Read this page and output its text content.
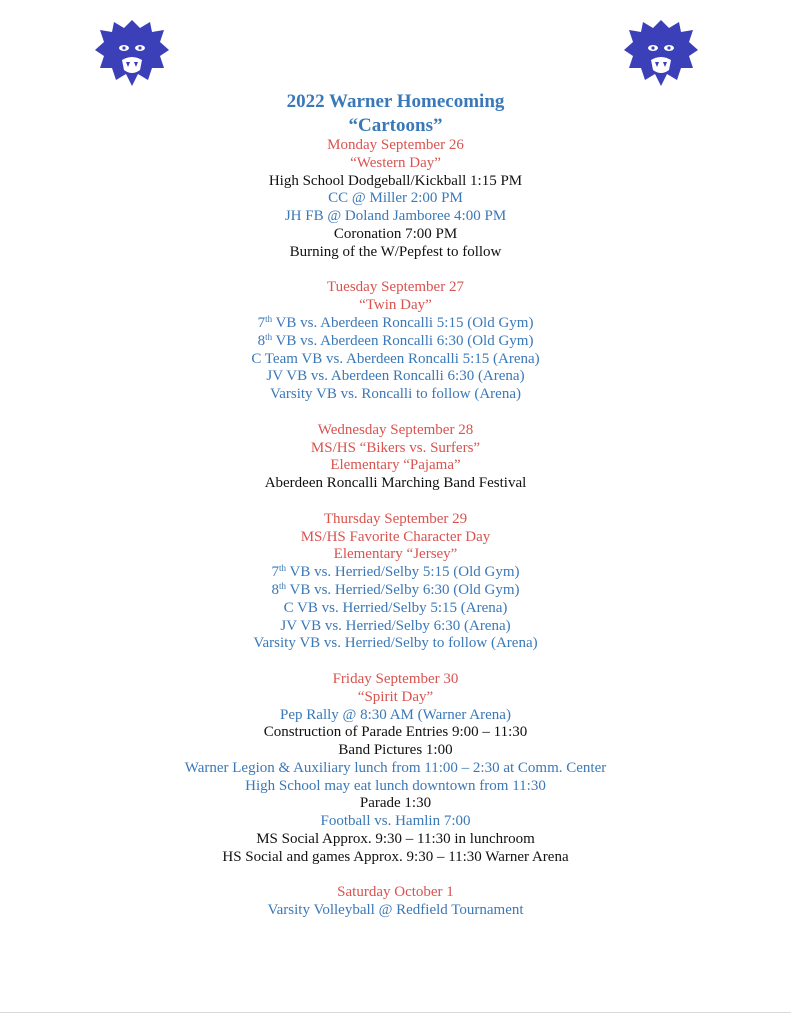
2022 Warner Homecoming
“Cartoons”
Monday September 26
“Western Day”
High School Dodgeball/Kickball 1:15 PM
CC @ Miller 2:00 PM
JH FB @ Doland Jamboree 4:00 PM
Coronation 7:00 PM
Burning of the W/Pepfest to follow
Tuesday September 27
“Twin Day”
7th VB vs. Aberdeen Roncalli 5:15 (Old Gym)
8th VB vs. Aberdeen Roncalli 6:30 (Old Gym)
C Team VB vs. Aberdeen Roncalli 5:15 (Arena)
JV VB vs. Aberdeen Roncalli 6:30 (Arena)
Varsity VB vs. Roncalli to follow (Arena)
Wednesday September 28
MS/HS “Bikers vs. Surfers”
Elementary “Pajama”
Aberdeen Roncalli Marching Band Festival
Thursday September 29
MS/HS Favorite Character Day
Elementary “Jersey”
7th VB vs. Herried/Selby 5:15 (Old Gym)
8th VB vs. Herried/Selby 6:30 (Old Gym)
C VB vs. Herried/Selby 5:15 (Arena)
JV VB vs. Herried/Selby 6:30 (Arena)
Varsity VB vs. Herried/Selby to follow (Arena)
Friday September 30
“Spirit Day”
Pep Rally @ 8:30 AM (Warner Arena)
Construction of Parade Entries 9:00 – 11:30
Band Pictures 1:00
Warner Legion & Auxiliary lunch from 11:00 – 2:30 at Comm. Center
High School may eat lunch downtown from 11:30
Parade 1:30
Football vs. Hamlin 7:00
MS Social Approx. 9:30 – 11:30 in lunchroom
HS Social and games Approx. 9:30 – 11:30 Warner Arena
Saturday October 1
Varsity Volleyball @ Redfield Tournament
